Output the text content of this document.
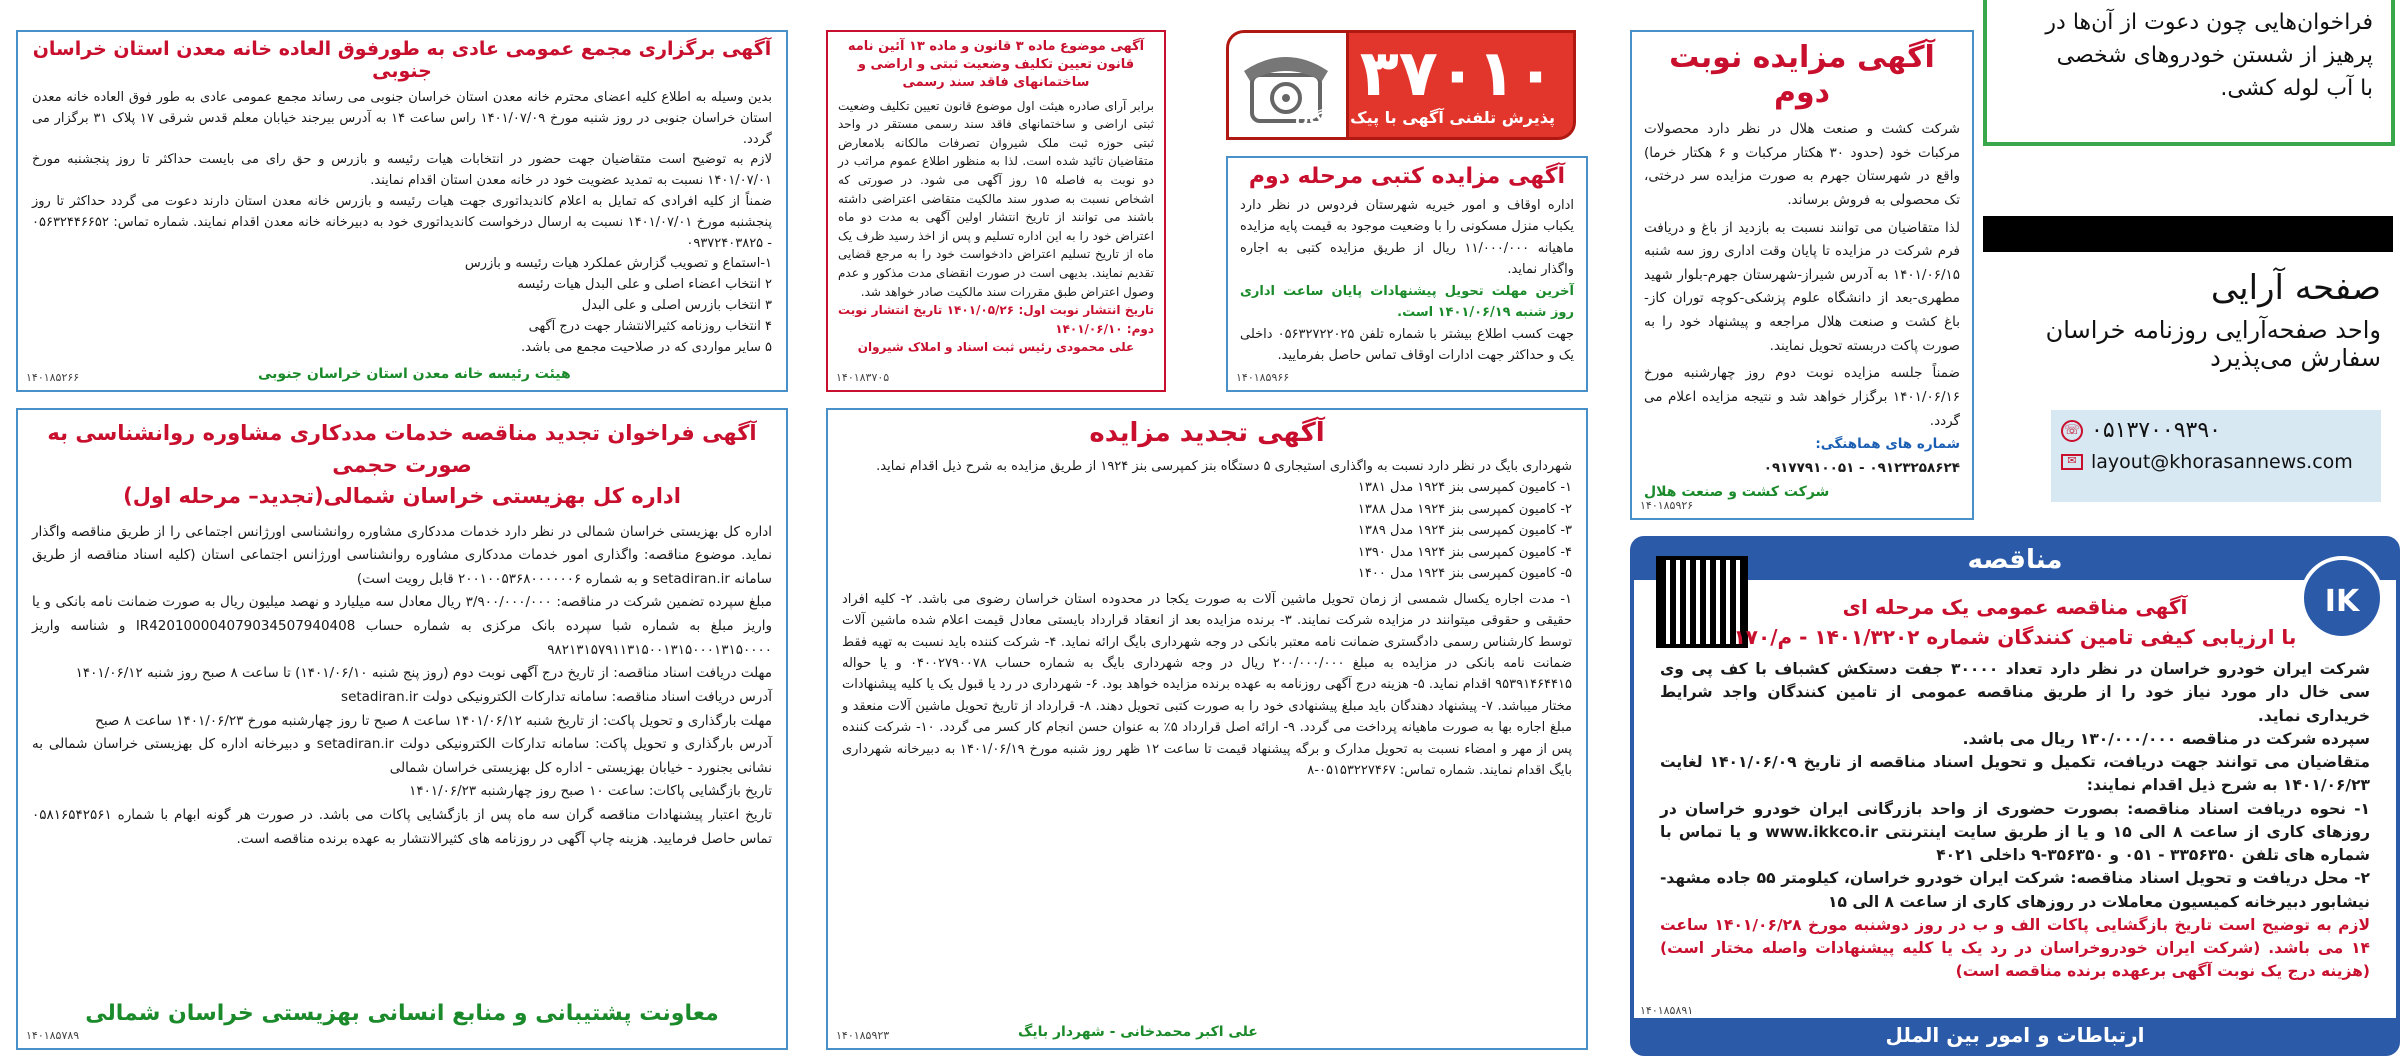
فراخوان‌هایی چون دعوت از آن‌ها در
پرهیز از شستن خودروهای شخصی
با آب لوله کشی.
صفحه آرایی
واحد صفحه‌آرایی روزنامه خراسان
سفارش می‌پذیرد
☏ ۰۵۱۳۷۰۰۹۳۹۰
✉ layout@khorasannews.com
آگهی مزایده نوبت دوم

شرکت کشت و صنعت هلال در نظر دارد محصولات مرکبات خود (حدود ۳۰ هکتار مرکبات و ۶ هکتار خرما) واقع در شهرستان جهرم به صورت مزایده سر درختی، تک محصولی به فروش برساند.

لذا متقاضیان می توانند نسبت به بازدید از باغ و دریافت فرم شرکت در مزایده تا پایان وقت اداری روز سه شنبه ۱۴۰۱/۰۶/۱۵ به آدرس شیراز-شهرستان جهرم-بلوار شهید مطهری-بعد از دانشگاه علوم پزشکی-کوچه توران کاز-باغ کشت و صنعت هلال مراجعه و پیشنهاد خود را به صورت پاکت دربسته تحویل نمایند.

ضمناً جلسه مزایده نوبت دوم روز چهارشنبه مورخ ۱۴۰۱/۰۶/۱۶ برگزار خواهد شد و نتیجه مزایده اعلام می گردد.

شماره های هماهنگی:

۰۹۱۲۳۲۵۸۶۲۴ - ۰۹۱۷۷۹۱۰۰۵۱

شرکت کشت و صنعت هلال

۱۴۰۱۸۵۹۲۶
۳۷۰۱۰
پذیرش تلفنی آگهی با پیک رایگان
آگهی مزایده کتبی مرحله دوم

اداره اوقاف و امور خیریه شهرستان فردوس در نظر دارد یکباب منزل مسکونی را با وضعیت موجود به قیمت پایه مزایده ماهیانه ۱۱/۰۰۰/۰۰۰ ریال از طریق مزایده کتبی به اجاره واگذار نماید.

آخرین مهلت تحویل پیشنهادات پایان ساعت اداری روز شنبه ۱۴۰۱/۰۶/۱۹ است.

جهت کسب اطلاع بیشتر با شماره تلفن ۰۵۶۳۲۷۲۲۰۲۵ داخلی یک و حداکثر جهت ادارات اوقاف تماس حاصل بفرمایید.

۱۴۰۱۸۵۹۶۶
آگهی موضوع ماده ۳ قانون و ماده ۱۳ آئین نامه قانون تعیین تکلیف وضعیت ثبتی و اراضی و ساختمانهای فاقد سند رسمی

برابر آرای صادره هیئت اول موضوع قانون تعیین تکلیف وضعیت ثبتی اراضی و ساختمانهای فاقد سند رسمی مستقر در واحد ثبتی حوزه ثبت ملک شیروان تصرفات مالکانه بلامعارض متقاضیان تائید شده است. لذا به منظور اطلاع عموم مراتب در دو نوبت به فاصله ۱۵ روز آگهی می شود. در صورتی که اشخاص نسبت به صدور سند مالکیت متقاضی اعتراضی داشته باشند می توانند از تاریخ انتشار اولین آگهی به مدت دو ماه اعتراض خود را به این اداره تسلیم و پس از اخذ رسید ظرف یک ماه از تاریخ تسلیم اعتراض دادخواست خود را به مرجع قضایی تقدیم نمایند. بدیهی است در صورت انقضای مدت مذکور و عدم وصول اعتراض طبق مقررات سند مالکیت صادر خواهد شد.

تاریخ انتشار نوبت اول: ۱۴۰۱/۰۵/۲۶ تاریخ انتشار نوبت دوم: ۱۴۰۱/۰۶/۱۰

علی محمودی رئیس ثبت اسناد و املاک شیروان

۱۴۰۱۸۳۷۰۵
آگهی برگزاری مجمع عمومی عادی به طورفوق العاده خانه معدن استان خراسان جنوبی

بدین وسیله به اطلاع کلیه اعضای محترم خانه معدن استان خراسان جنوبی می رساند مجمع عمومی عادی به طور فوق العاده خانه معدن استان خراسان جنوبی در روز شنبه مورخ ۱۴۰۱/۰۷/۰۹ راس ساعت ۱۴ به آدرس بیرجند خیابان معلم قدس شرقی ۱۷ پلاک ۳۱ برگزار می گردد.

لازم به توضیح است متقاضیان جهت حضور در انتخابات هیات رئیسه و بازرس و حق رای می بایست حداکثر تا روز پنجشنبه مورخ ۱۴۰۱/۰۷/۰۱ نسبت به تمدید عضویت خود در خانه معدن استان اقدام نمایند.

ضمناً از کلیه افرادی که تمایل به اعلام کاندیداتوری جهت هیات رئیسه و بازرس خانه معدن استان دارند دعوت می گردد حداکثر تا روز پنجشنبه مورخ ۱۴۰۱/۰۷/۰۱ نسبت به ارسال درخواست کاندیداتوری خود به دبیرخانه خانه معدن اقدام نمایند. شماره تماس: ۰۵۶۳۲۴۴۶۶۵۲ - ۰۹۳۷۲۴۰۳۸۲۵

۱-استماع و تصویب گزارش عملکرد هیات رئیسه و بازرس

۲ انتخاب اعضاء اصلی و علی البدل هیات رئیسه

۳ انتخاب بازرس اصلی و علی البدل

۴ انتخاب روزنامه کثیرالانتشار جهت درج آگهی

۵ سایر مواردی که در صلاحیت مجمع می باشد.

هیئت رئیسه خانه معدن استان خراسان جنوبی
۱۴۰۱۸۵۲۶۶
آگهی فراخوان تجدید مناقصه خدمات مددکاری مشاوره روانشناسی به صورت حجمی
اداره کل بهزیستی خراسان شمالی(تجدید– مرحله اول)

اداره کل بهزیستی خراسان شمالی در نظر دارد خدمات مددکاری مشاوره روانشناسی اورژانس اجتماعی را از طریق مناقصه واگذار نماید. موضوع مناقصه: واگذاری امور خدمات مددکاری مشاوره روانشناسی اورژانس اجتماعی استان (کلیه اسناد مناقصه از طریق سامانه setadiran.ir و به شماره ۲۰۰۱۰۰۵۳۶۸۰۰۰۰۰۰۶ قابل رویت است)

مبلغ سپرده تضمین شرکت در مناقصه: ۳/۹۰۰/۰۰۰/۰۰۰ ریال معادل سه میلیارد و نهصد میلیون ریال به صورت ضمانت نامه بانکی و یا واریز مبلغ به شماره شبا سپرده بانک مرکزی به شماره حساب IR420100004079034507940408 و شناسه واریز ۹۸۲۱۳۱۵۷۹۱۱۳۱۵۰۰۱۳۱۵۰۰۰۱۳۱۵۰۰۰۰

مهلت دریافت اسناد مناقصه: از تاریخ درج آگهی نوبت دوم (روز پنج شنبه ۱۴۰۱/۰۶/۱۰) تا ساعت ۸ صبح روز شنبه ۱۴۰۱/۰۶/۱۲

آدرس دریافت اسناد مناقصه: سامانه تدارکات الکترونیکی دولت setadiran.ir

مهلت بارگذاری و تحویل پاکت: از تاریخ شنبه ۱۴۰۱/۰۶/۱۲ ساعت ۸ صبح تا روز چهارشنبه مورخ ۱۴۰۱/۰۶/۲۳ ساعت ۸ صبح

آدرس بارگذاری و تحویل پاکت: سامانه تدارکات الکترونیکی دولت setadiran.ir و دبیرخانه اداره کل بهزیستی خراسان شمالی به نشانی بجنورد - خیابان بهزیستی - اداره کل بهزیستی خراسان شمالی

تاریخ بازگشایی پاکات: ساعت ۱۰ صبح روز چهارشنبه ۱۴۰۱/۰۶/۲۳

تاریخ اعتبار پیشنهادات مناقصه گران سه ماه پس از بازگشایی پاکات می باشد. در صورت هر گونه ابهام با شماره ۰۵۸۱۶۵۴۲۵۶۱ تماس حاصل فرمایید. هزینه چاپ آگهی در روزنامه های کثیرالانتشار به عهده برنده مناقصه است.

معاونت پشتیبانی و منابع انسانی بهزیستی خراسان شمالی
۱۴۰۱۸۵۷۸۹
آگهی تجدید مزایده

شهرداری بایگ در نظر دارد نسبت به واگذاری استیجاری ۵ دستگاه بنز کمپرسی بنز ۱۹۲۴ از طریق مزایده به شرح ذیل اقدام نماید.

۱- کامیون کمپرسی بنز ۱۹۲۴ مدل ۱۳۸۱

۲- کامیون کمپرسی بنز ۱۹۲۴ مدل ۱۳۸۸

۳- کامیون کمپرسی بنز ۱۹۲۴ مدل ۱۳۸۹

۴- کامیون کمپرسی بنز ۱۹۲۴ مدل ۱۳۹۰

۵- کامیون کمپرسی بنز ۱۹۲۴ مدل ۱۴۰۰

۱- مدت اجاره یکسال شمسی از زمان تحویل ماشین آلات به صورت یکجا در محدوده استان خراسان رضوی می باشد. ۲- کلیه افراد حقیقی و حقوقی میتوانند در مزایده شرکت نمایند. ۳- برنده مزایده بعد از انعقاد قرارداد بایستی معادل قیمت اعلام شده ماشین آلات توسط کارشناس رسمی دادگستری ضمانت نامه معتبر بانکی در وجه شهرداری بایگ ارائه نماید. ۴- شرکت کننده باید نسبت به تهیه فقط ضمانت نامه بانکی در مزایده به مبلغ ۲۰۰/۰۰۰/۰۰۰ ریال در وجه شهرداری بایگ به شماره حساب ۰۴۰۰۲۷۹۰۰۷۸ و یا حواله ۹۵۳۹۱۴۶۴۴۱۵ اقدام نماید. ۵- هزینه درج آگهی روزنامه به عهده برنده مزایده خواهد بود. ۶- شهرداری در رد یا قبول یک یا کلیه پیشنهادات مختار میباشد. ۷- پیشنهاد دهندگان باید مبلغ پیشنهادی خود را به صورت کتبی تحویل دهند. ۸- قرارداد از تاریخ تحویل ماشین آلات منعقد و مبلغ اجاره بها به صورت ماهیانه پرداخت می گردد. ۹- ارائه اصل قرارداد ۵٪ به عنوان حسن انجام کار کسر می گردد. ۱۰- شرکت کننده پس از مهر و امضاء نسبت به تحویل مدارک و برگه پیشنهاد قیمت تا ساعت ۱۲ ظهر روز شنبه مورخ ۱۴۰۱/۰۶/۱۹ به دبیرخانه شهرداری بایگ اقدام نمایند. شماره تماس: ۰۵۱۵۳۲۲۷۴۶۷-۸

علی اکبر محمدخانی - شهردار بایگ
۱۴۰۱۸۵۹۲۳
مناقصه
IK
آگهی مناقصه عمومی یک مرحله ای
با ارزیابی کیفی تامین کنندگان شماره ۱۴۰۱/۳۲۰۲ - م/۱۷۰

شرکت ایران خودرو خراسان در نظر دارد تعداد ۳۰۰۰۰ جفت دستکش کشباف با کف پی وی سی خال دار مورد نیاز خود را از طریق مناقصه عمومی از تامین کنندگان واجد شرایط خریداری نماید.

سپرده شرکت در مناقصه ۱۳۰/۰۰۰/۰۰۰ ریال می باشد.

متقاضیان می توانند جهت دریافت، تکمیل و تحویل اسناد مناقصه از تاریخ ۱۴۰۱/۰۶/۰۹ لغایت ۱۴۰۱/۰۶/۲۳ به شرح ذیل اقدام نمایند:

۱- نحوه دریافت اسناد مناقصه: بصورت حضوری از واحد بازرگانی ایران خودرو خراسان در روزهای کاری از ساعت ۸ الی ۱۵ و یا از طریق سایت اینترنتی www.ikkco.ir و یا تماس با شماره های تلفن ۳۳۵۶۳۵۰ - ۰۵۱ و ۳۵۶۳۵۰-۹ داخلی ۴۰۲۱

۲- محل دریافت و تحویل اسناد مناقصه: شرکت ایران خودرو خراسان، کیلومتر ۵۵ جاده مشهد-نیشابور دبیرخانه کمیسیون معاملات در روزهای کاری از ساعت ۸ الی ۱۵

لازم به توضیح است تاریخ بازگشایی پاکات الف و ب در روز دوشنبه مورخ ۱۴۰۱/۰۶/۲۸ ساعت ۱۴ می باشد. (شرکت ایران خودروخراسان در رد یک یا کلیه پیشنهادات واصله مختار است) (هزینه درج یک نوبت آگهی برعهده برنده مناقصه است)

ارتباطات و امور بین الملل
۱۴۰۱۸۵۸۹۱
